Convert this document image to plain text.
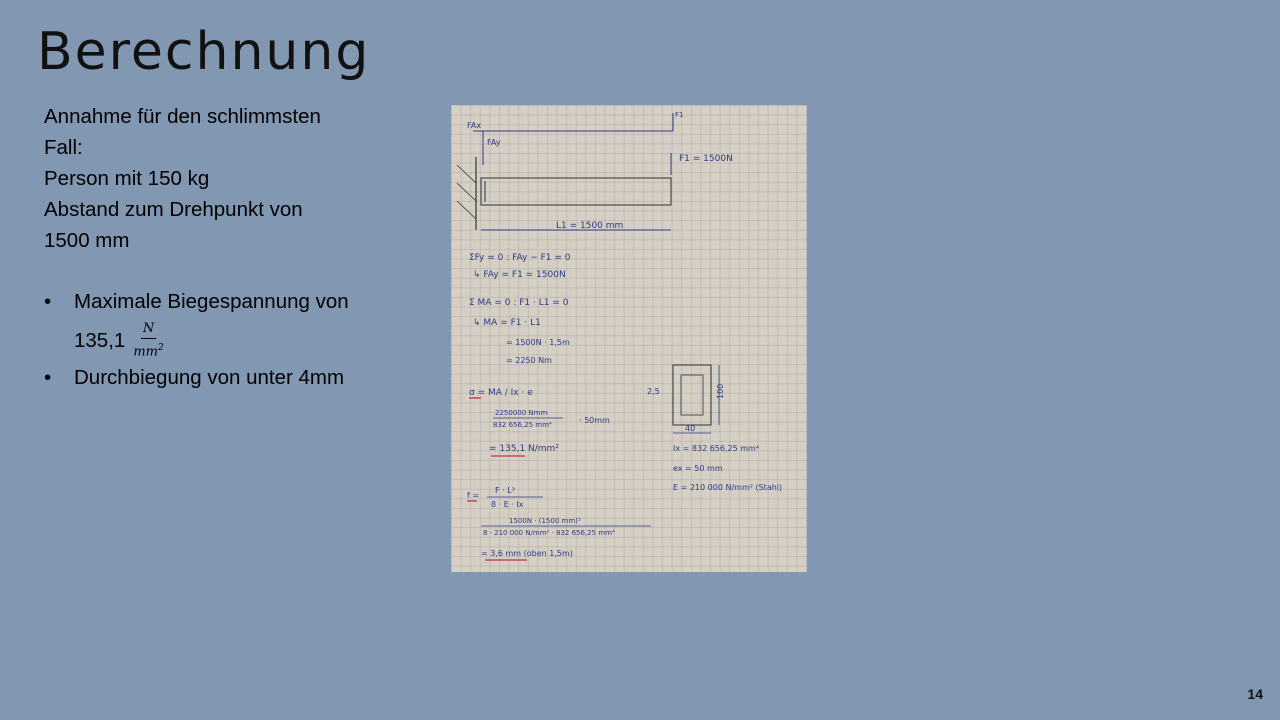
Berechnung
Annahme für den schlimmsten
Fall:
Person mit 150 kg
Abstand zum Drehpunkt von
1500 mm
• Maximale Biegespannung von
$135,1 \frac{N}{mm^2}$
• Durchbiegung von unter 4mm
FAx
FAy
F1
F1 = 1500N
L1 = 1500 mm
ΣFy = 0 : FAy − F1 = 0
↳ FAy = F1 = 1500N
Σ MA = 0 : F1 · L1 = 0
↳ MA = F1 · L1
= 1500N · 1,5m
= 2250 Nm
σ = MA / Ix · e
2250000 Nmm
832 656,25 mm⁴	· 50mm
= 135,1 N/mm²
2,5	100
40
Ix = 832 656,25 mm⁴
ex = 50 mm
E = 210 000 N/mm² (Stahl)
f =
F · L³
8 · E · Ix
1500N · (1500 mm)³
8 · 210 000 N/mm² · 832 656,25 mm⁴
= 3,6 mm (oben 1,5m)
14
